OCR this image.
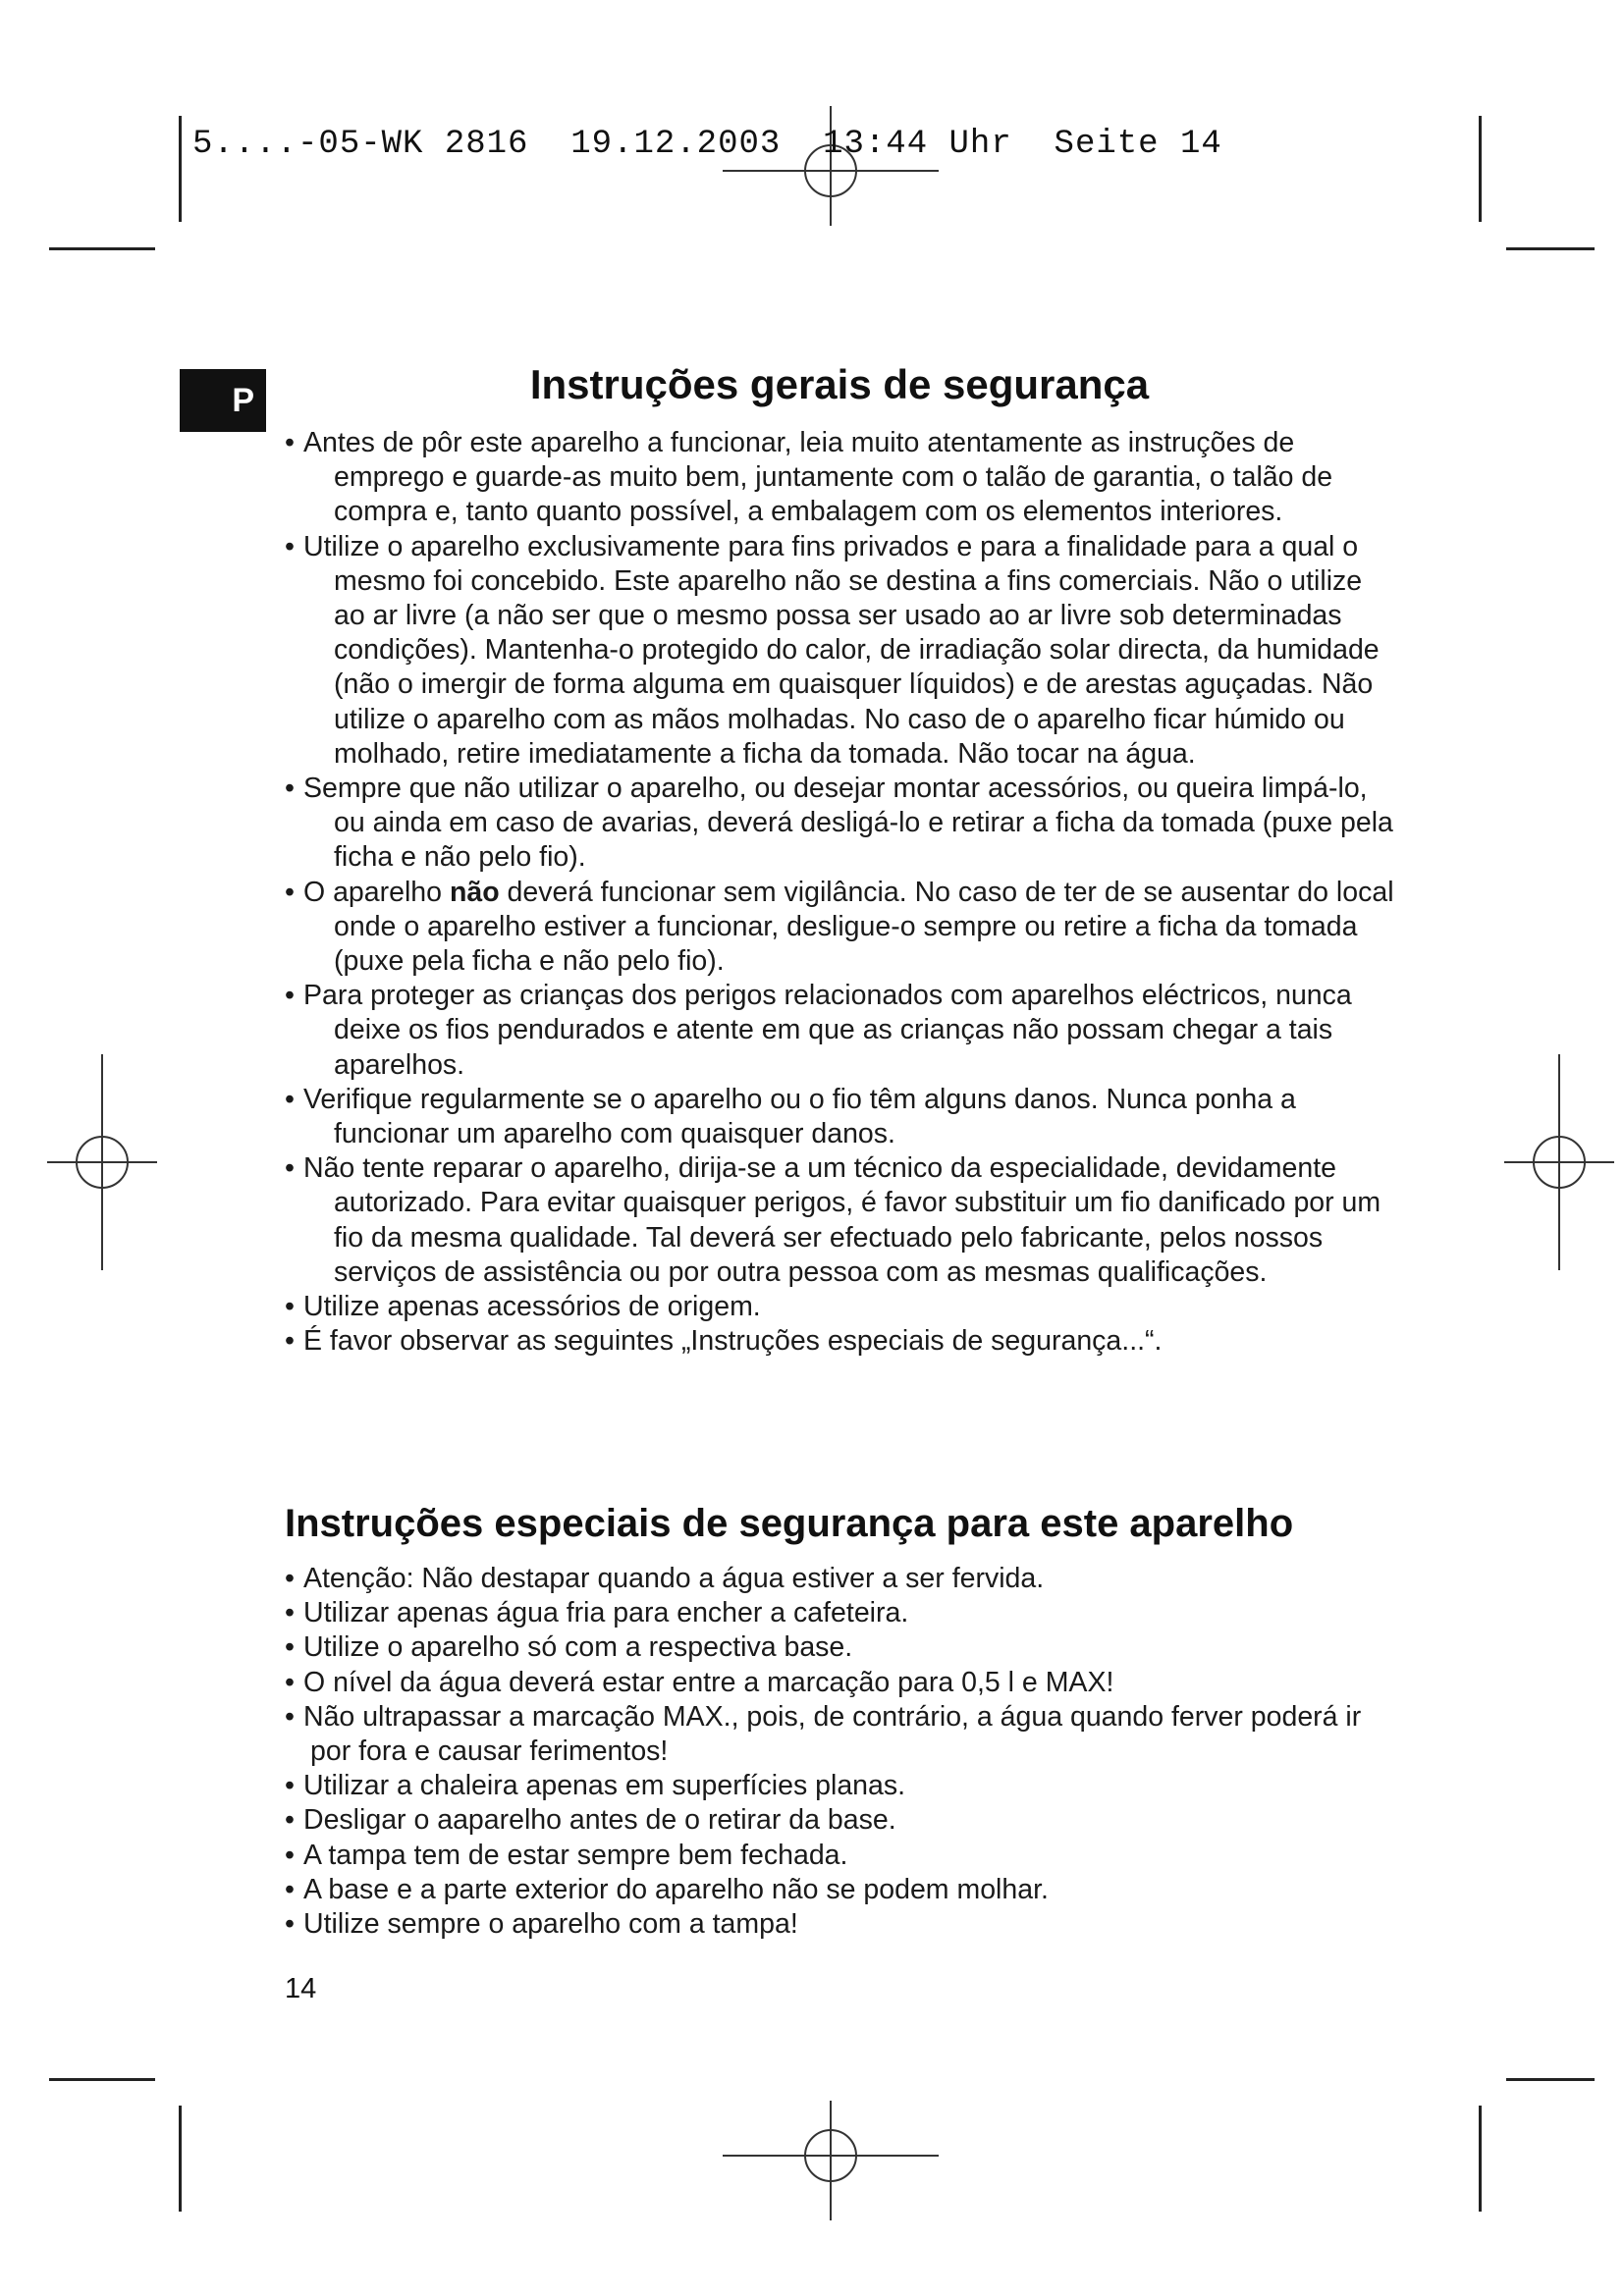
5....-05-WK 2816  19.12.2003  13:44 Uhr  Seite 14
P	Instruções gerais de segurança
• Antes de pôr este aparelho a funcionar, leia muito atentamente as instruções de emprego e guarde-as muito bem, juntamente com o talão de garantia, o talão de compra e, tanto quanto possível, a embalagem com os elementos interiores.
• Utilize o aparelho exclusivamente para fins privados e para a finalidade para a qual o mesmo foi concebido. Este aparelho não se destina a fins comerciais. Não o utilize ao ar livre (a não ser que o mesmo possa ser usado ao ar livre sob determinadas condições). Mantenha-o protegido do calor, de irradiação solar directa, da humidade (não o imergir de forma alguma em quaisquer líquidos) e de arestas aguçadas. Não utilize o aparelho com as mãos molhadas. No caso de o aparelho ficar húmido ou molhado, retire imediatamente a ficha da tomada. Não tocar na água.
• Sempre que não utilizar o aparelho, ou desejar montar acessórios, ou queira limpá-lo, ou ainda em caso de avarias, deverá desligá-lo e retirar a ficha da tomada (puxe pela ficha e não pelo fio).
• O aparelho não deverá funcionar sem vigilância. No caso de ter de se ausentar do local onde o aparelho estiver a funcionar, desligue-o sempre ou retire a ficha da tomada (puxe pela ficha e não pelo fio).
• Para proteger as crianças dos perigos relacionados com aparelhos eléctricos, nunca deixe os fios pendurados e atente em que as crianças não possam chegar a tais aparelhos.
• Verifique regularmente se o aparelho ou o fio têm alguns danos. Nunca ponha a funcionar um aparelho com quaisquer danos.
• Não tente reparar o aparelho, dirija-se a um técnico da especialidade, devidamente autorizado. Para evitar quaisquer perigos, é favor substituir um fio danificado por um fio da mesma qualidade. Tal deverá ser efectuado pelo fabricante, pelos nossos serviços de assistência ou por outra pessoa com as mesmas qualificações.
• Utilize apenas acessórios de origem.
• É favor observar as seguintes „Instruções especiais de segurança...“.
Instruções especiais de segurança para este aparelho
• Atenção: Não destapar quando a água estiver a ser fervida.
• Utilizar apenas água fria para encher a cafeteira.
• Utilize o aparelho só com a respectiva base.
• O nível da água deverá estar entre a marcação para 0,5 l e MAX!
• Não ultrapassar a marcação MAX., pois, de contrário, a água quando ferver poderá ir por fora e causar ferimentos!
• Utilizar a chaleira apenas em superfícies planas.
• Desligar o aaparelho antes de o retirar da base.
• A tampa tem de estar sempre bem fechada.
• A base e a parte exterior do aparelho não se podem molhar.
• Utilize sempre o aparelho com a tampa!
14
